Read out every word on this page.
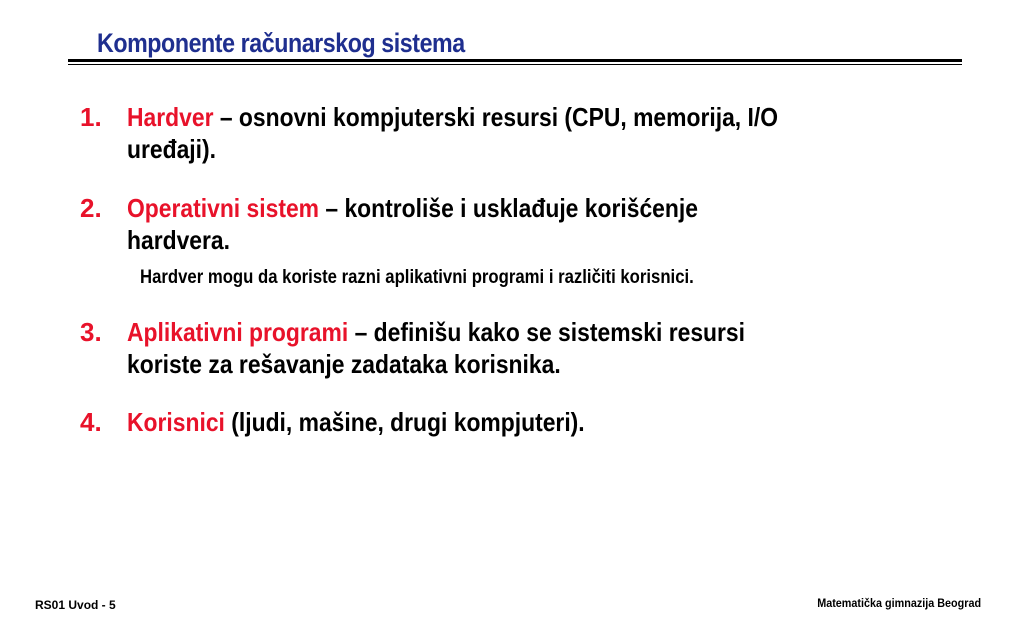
Komponente računarskog sistema
1. Hardver – osnovni kompjuterski resursi (CPU, memorija, I/O
uređaji).
2. Operativni sistem – kontroliše i usklađuje korišćenje
hardvera.
Hardver mogu da koriste razni aplikativni programi i različiti korisnici.
3. Aplikativni programi – definišu kako se sistemski resursi
koriste za rešavanje zadataka korisnika.
4. Korisnici (ljudi, mašine, drugi kompjuteri).
RS01 Uvod - 5	Matematička gimnazija Beograd
